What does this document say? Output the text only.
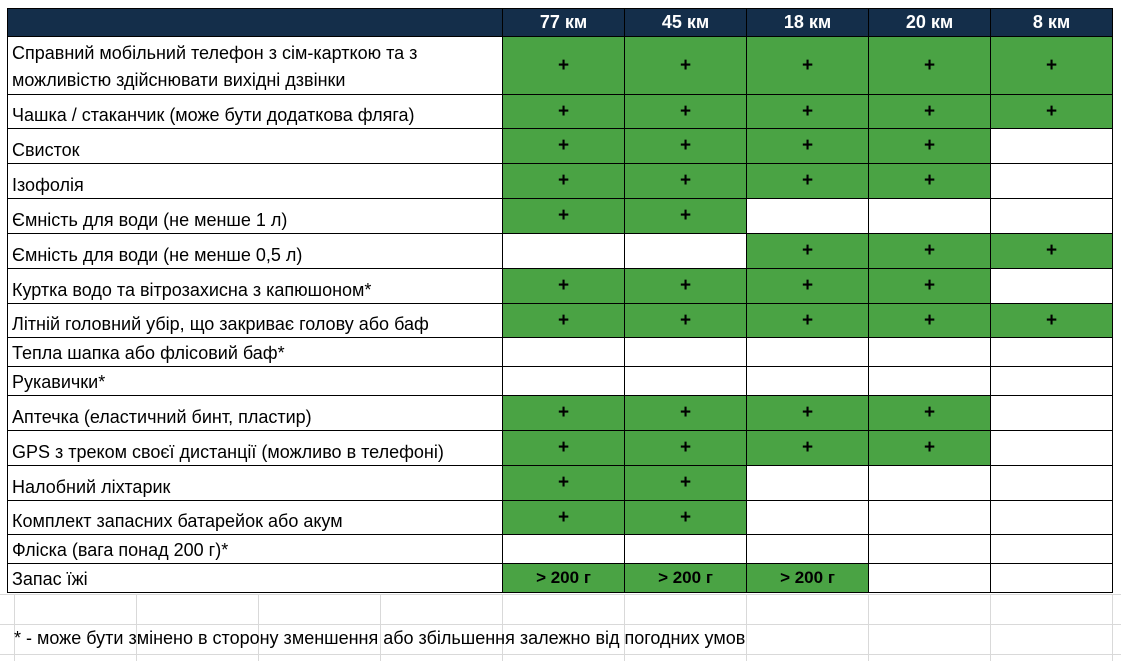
	77 км	45 км	18 км	20 км	8 км
Справний мобільний телефон з сім-карткою та з можливістю здійснювати вихідні дзвінки	+	+	+	+	+
Чашка / стаканчик (може бути додаткова фляга)	+	+	+	+	+
Свисток	+	+	+	+	
Ізофолія	+	+	+	+	
Ємність для води (не менше 1 л)	+	+			
Ємність для води (не менше 0,5 л)			+	+	+
Куртка водо та вітрозахисна з капюшоном*	+	+	+	+	
Літній головний убір, що закриває голову або баф	+	+	+	+	+
Тепла шапка або флісовий баф*					
Рукавички*					
Аптечка (еластичний бинт, пластир)	+	+	+	+	
GPS з треком своєї дистанції (можливо в телефоні)	+	+	+	+	
Налобний ліхтарик	+	+			
Комплект запасних батарейок або акум	+	+			
Фліска (вага понад 200 г)*					
Запас їжі	> 200 г	> 200 г	> 200 г		
* - може бути змінено в сторону зменшення або збільшення залежно від погодних умов
